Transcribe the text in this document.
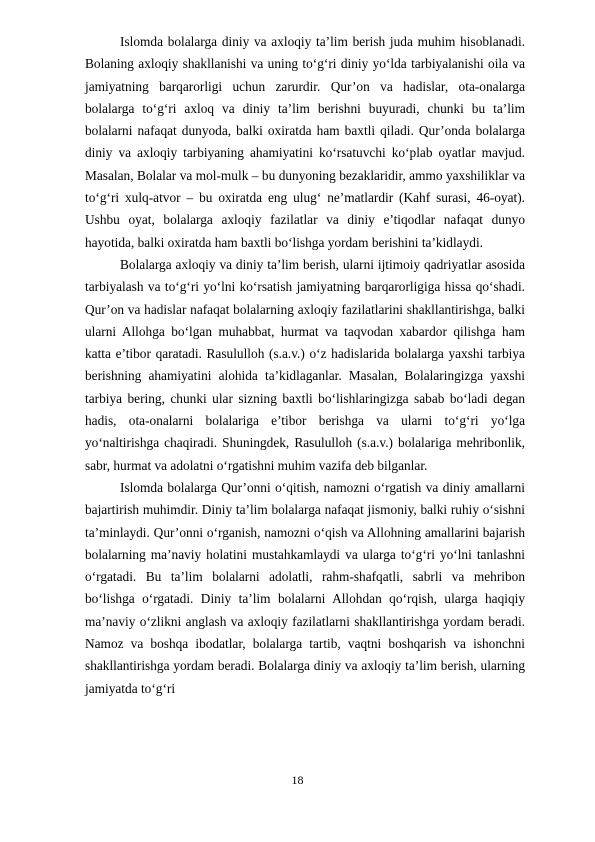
Islomda bolalarga diniy va axloqiy ta’lim berish juda muhim hisoblanadi. Bolaning axloqiy shakllanishi va uning to‘g‘ri diniy yo‘lda tarbiyalanishi oila va jamiyatning barqarorligi uchun zarurdir. Qur’on va hadislar, ota-onalarga bolalarga to‘g‘ri axloq va diniy ta’lim berishni buyuradi, chunki bu ta’lim bolalarni nafaqat dunyoda, balki oxiratda ham baxtli qiladi. Qur’onda bolalarga diniy va axloqiy tarbiyaning ahamiyatini ko‘rsatuvchi ko‘plab oyatlar mavjud. Masalan, Bolalar va mol-mulk – bu dunyoning bezaklaridir, ammo yaxshiliklar va to‘g‘ri xulq-atvor – bu oxiratda eng ulug‘ ne’matlardir (Kahf surasi, 46-oyat). Ushbu oyat, bolalarga axloqiy fazilatlar va diniy e’tiqodlar nafaqat dunyo hayotida, balki oxiratda ham baxtli bo‘lishga yordam berishini ta’kidlaydi.

Bolalarga axloqiy va diniy ta’lim berish, ularni ijtimoiy qadriyatlar asosida tarbiyalash va to‘g‘ri yo‘lni ko‘rsatish jamiyatning barqarorligiga hissa qo‘shadi. Qur’on va hadislar nafaqat bolalarning axloqiy fazilatlarini shakllantirishga, balki ularni Allohga bo‘lgan muhabbat, hurmat va taqvodan xabardor qilishga ham katta e’tibor qaratadi. Rasululloh (s.a.v.) o‘z hadislarida bolalarga yaxshi tarbiya berishning ahamiyatini alohida ta’kidlaganlar. Masalan, Bolalaringizga yaxshi tarbiya bering, chunki ular sizning baxtli bo‘lishlaringizga sabab bo‘ladi degan hadis, ota-onalarni bolalariga e’tibor berishga va ularni to‘g‘ri yo‘lga yo‘naltirishga chaqiradi. Shuningdek, Rasululloh (s.a.v.) bolalariga mehribonlik, sabr, hurmat va adolatni o‘rgatishni muhim vazifa deb bilganlar.

Islomda bolalarga Qur’onni o‘qitish, namozni o‘rgatish va diniy amallarni bajartirish muhimdir. Diniy ta’lim bolalarga nafaqat jismoniy, balki ruhiy o‘sishni ta’minlaydi. Qur’onni o‘rganish, namozni o‘qish va Allohning amallarini bajarish bolalarning ma’naviy holatini mustahkamlaydi va ularga to‘g‘ri yo‘lni tanlashni o‘rgatadi. Bu ta’lim bolalarni adolatli, rahm-shafqatli, sabrli va mehribon bo‘lishga o‘rgatadi. Diniy ta’lim bolalarni Allohdan qo‘rqish, ularga haqiqiy ma’naviy o‘zlikni anglash va axloqiy fazilatlarni shakllantirishga yordam beradi. Namoz va boshqa ibodatlar, bolalarga tartib, vaqtni boshqarish va ishonchni shakllantirishga yordam beradi. Bolalarga diniy va axloqiy ta’lim berish, ularning jamiyatda to‘g‘ri

18
